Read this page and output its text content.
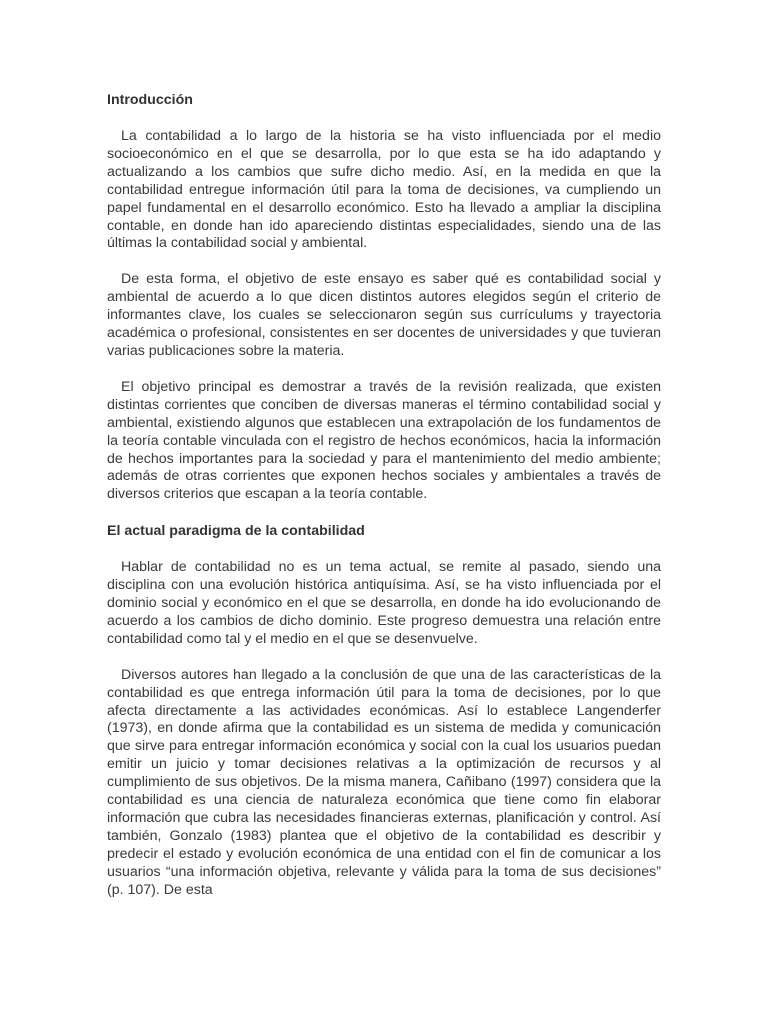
Introducción

La contabilidad a lo largo de la historia se ha visto influenciada por el medio socioeconómico en el que se desarrolla, por lo que esta se ha ido adaptando y actualizando a los cambios que sufre dicho medio. Así, en la medida en que la contabilidad entregue información útil para la toma de decisiones, va cumpliendo un papel fundamental en el desarrollo económico. Esto ha llevado a ampliar la disciplina contable, en donde han ido apareciendo distintas especialidades, siendo una de las últimas la contabilidad social y ambiental.

De esta forma, el objetivo de este ensayo es saber qué es contabilidad social y ambiental de acuerdo a lo que dicen distintos autores elegidos según el criterio de informantes clave, los cuales se seleccionaron según sus currículums y trayectoria académica o profesional, consistentes en ser docentes de universidades y que tuvieran varias publicaciones sobre la materia.

El objetivo principal es demostrar a través de la revisión realizada, que existen distintas corrientes que conciben de diversas maneras el término contabilidad social y ambiental, existiendo algunos que establecen una extrapolación de los fundamentos de la teoría contable vinculada con el registro de hechos económicos, hacia la información de hechos importantes para la sociedad y para el mantenimiento del medio ambiente; además de otras corrientes que exponen hechos sociales y ambientales a través de diversos criterios que escapan a la teoría contable.

El actual paradigma de la contabilidad

Hablar de contabilidad no es un tema actual, se remite al pasado, siendo una disciplina con una evolución histórica antiquísima. Así, se ha visto influenciada por el dominio social y económico en el que se desarrolla, en donde ha ido evolucionando de acuerdo a los cambios de dicho dominio. Este progreso demuestra una relación entre contabilidad como tal y el medio en el que se desenvuelve.

Diversos autores han llegado a la conclusión de que una de las características de la contabilidad es que entrega información útil para la toma de decisiones, por lo que afecta directamente a las actividades económicas. Así lo establece Langenderfer (1973), en donde afirma que la contabilidad es un sistema de medida y comunicación que sirve para entregar información económica y social con la cual los usuarios puedan emitir un juicio y tomar decisiones relativas a la optimización de recursos y al cumplimiento de sus objetivos. De la misma manera, Cañibano (1997) considera que la contabilidad es una ciencia de naturaleza económica que tiene como fin elaborar información que cubra las necesidades financieras externas, planificación y control. Así también, Gonzalo (1983) plantea que el objetivo de la contabilidad es describir y predecir el estado y evolución económica de una entidad con el fin de comunicar a los usuarios “una información objetiva, relevante y válida para la toma de sus decisiones” (p. 107). De esta
